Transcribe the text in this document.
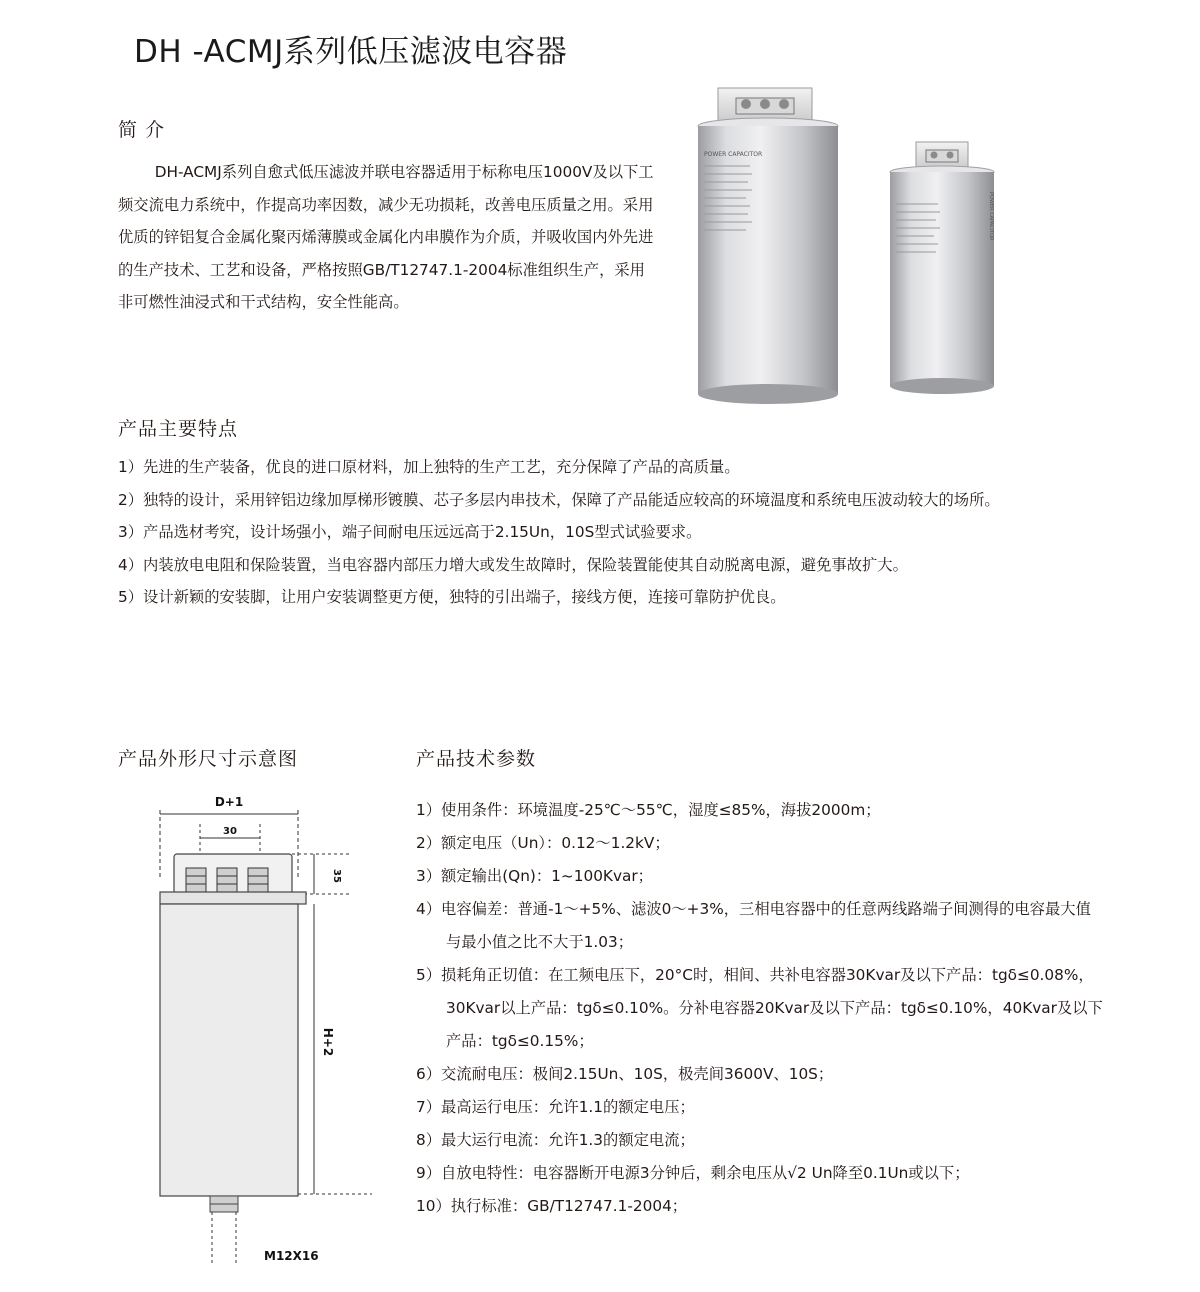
DH -ACMJ系列低压滤波电容器
简 介

DH-ACMJ系列自愈式低压滤波并联电容器适用于标称电压1000V及以下工频交流电力系统中，作提高功率因数，减少无功损耗，改善电压质量之用。采用优质的锌铝复合金属化聚丙烯薄膜或金属化内串膜作为介质，并吸收国内外先进的生产技术、工艺和设备，严格按照GB/T12747.1-2004标准组织生产，采用非可燃性油浸式和干式结构，安全性能高。

POWER CAPACITOR
POWER CAPACITOR
产品主要特点
1）先进的生产装备，优良的进口原材料，加上独特的生产工艺，充分保障了产品的高质量。
2）独特的设计，采用锌铝边缘加厚梯形镀膜、芯子多层内串技术，保障了产品能适应较高的环境温度和系统电压波动较大的场所。
3）产品选材考究，设计场强小，端子间耐电压远远高于2.15Un，10S型式试验要求。
4）内装放电电阻和保险装置，当电容器内部压力增大或发生故障时，保险装置能使其自动脱离电源，避免事故扩大。
5）设计新颖的安装脚，让用户安装调整更方便，独特的引出端子，接线方便，连接可靠防护优良。
产品外形尺寸示意图	产品技术参数
D+1
30
35
H+2
M12X16
1）使用条件：环境温度-25℃～55℃，湿度≤85%，海拔2000m；
2）额定电压（Un）：0.12～1.2kV；
3）额定输出(Qn)：1~100Kvar；
4）电容偏差：普通-1～+5%、滤波0～+3%，三相电容器中的任意两线路端子间测得的电容最大值与最小值之比不大于1.03；
5）损耗角正切值：在工频电压下，20°C时，相间、共补电容器30Kvar及以下产品：tgδ≤0.08%，30Kvar以上产品：tgδ≤0.10%。分补电容器20Kvar及以下产品：tgδ≤0.10%，40Kvar及以下产品：tgδ≤0.15%；
6）交流耐电压：极间2.15Un、10S，极壳间3600V、10S；
7）最高运行电压：允许1.1的额定电压；
8）最大运行电流：允许1.3的额定电流；
9）自放电特性：电容器断开电源3分钟后，剩余电压从√2 Un降至0.1Un或以下；
10）执行标准：GB/T12747.1-2004；
